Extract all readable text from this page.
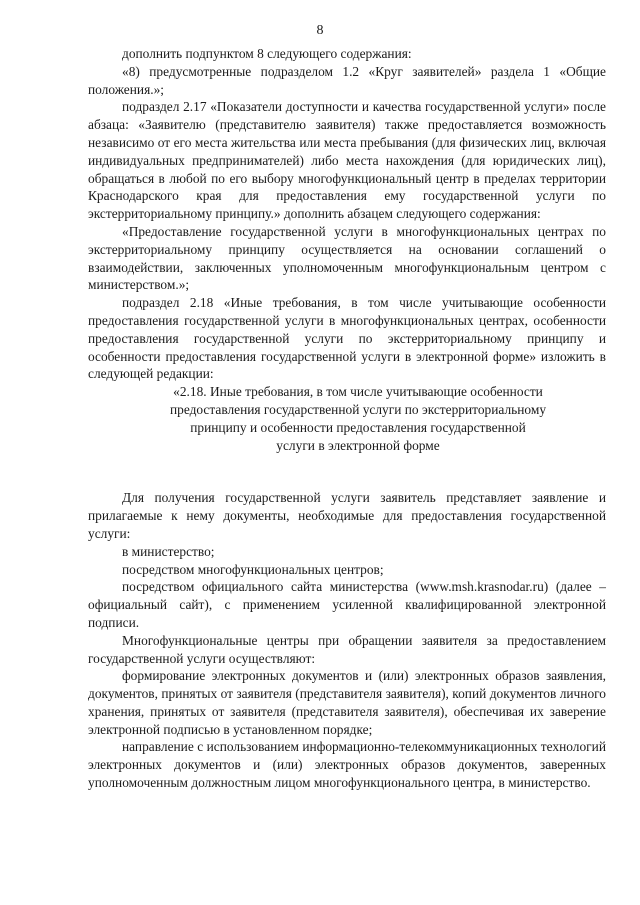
8

дополнить подпунктом 8 следующего содержания:

«8) предусмотренные подразделом 1.2 «Круг заявителей» раздела 1 «Общие положения.»;

подраздел 2.17 «Показатели доступности и качества государственной услуги» после абзаца: «Заявителю (представителю заявителя) также предоставляется возможность независимо от его места жительства или места пребывания (для физических лиц, включая индивидуальных предпринимателей) либо места нахождения (для юридических лиц), обращаться в любой по его выбору многофункциональный центр в пределах территории Краснодарского края для предоставления ему государственной услуги по экстерриториальному принципу.» дополнить абзацем следующего содержания:

«Предоставление государственной услуги в многофункциональных центрах по экстерриториальному принципу осуществляется на основании соглашений о взаимодействии, заключенных уполномоченным многофункциональным центром с министерством.»;

подраздел 2.18 «Иные требования, в том числе учитывающие особенности предоставления государственной услуги в многофункциональных центрах, особенности предоставления государственной услуги по экстерриториальному принципу и особенности предоставления государственной услуги в электронной форме» изложить в следующей редакции:

«2.18. Иные требования, в том числе учитывающие особенности

предоставления государственной услуги по экстерриториальному

принципу и особенности предоставления государственной

услуги в электронной форме

Для получения государственной услуги заявитель представляет заявление и прилагаемые к нему документы, необходимые для предоставления государственной услуги:

в министерство;

посредством многофункциональных центров;

посредством официального сайта министерства (www.msh.krasnodar.ru) (далее – официальный сайт), с применением усиленной квалифицированной электронной подписи.

Многофункциональные центры при обращении заявителя за предоставлением государственной услуги осуществляют:

формирование электронных документов и (или) электронных образов заявления, документов, принятых от заявителя (представителя заявителя), копий документов личного хранения, принятых от заявителя (представителя заявителя), обеспечивая их заверение электронной подписью в установленном порядке;

направление с использованием информационно-телекоммуникационных технологий электронных документов и (или) электронных образов документов, заверенных уполномоченным должностным лицом многофункционального центра, в министерство.
